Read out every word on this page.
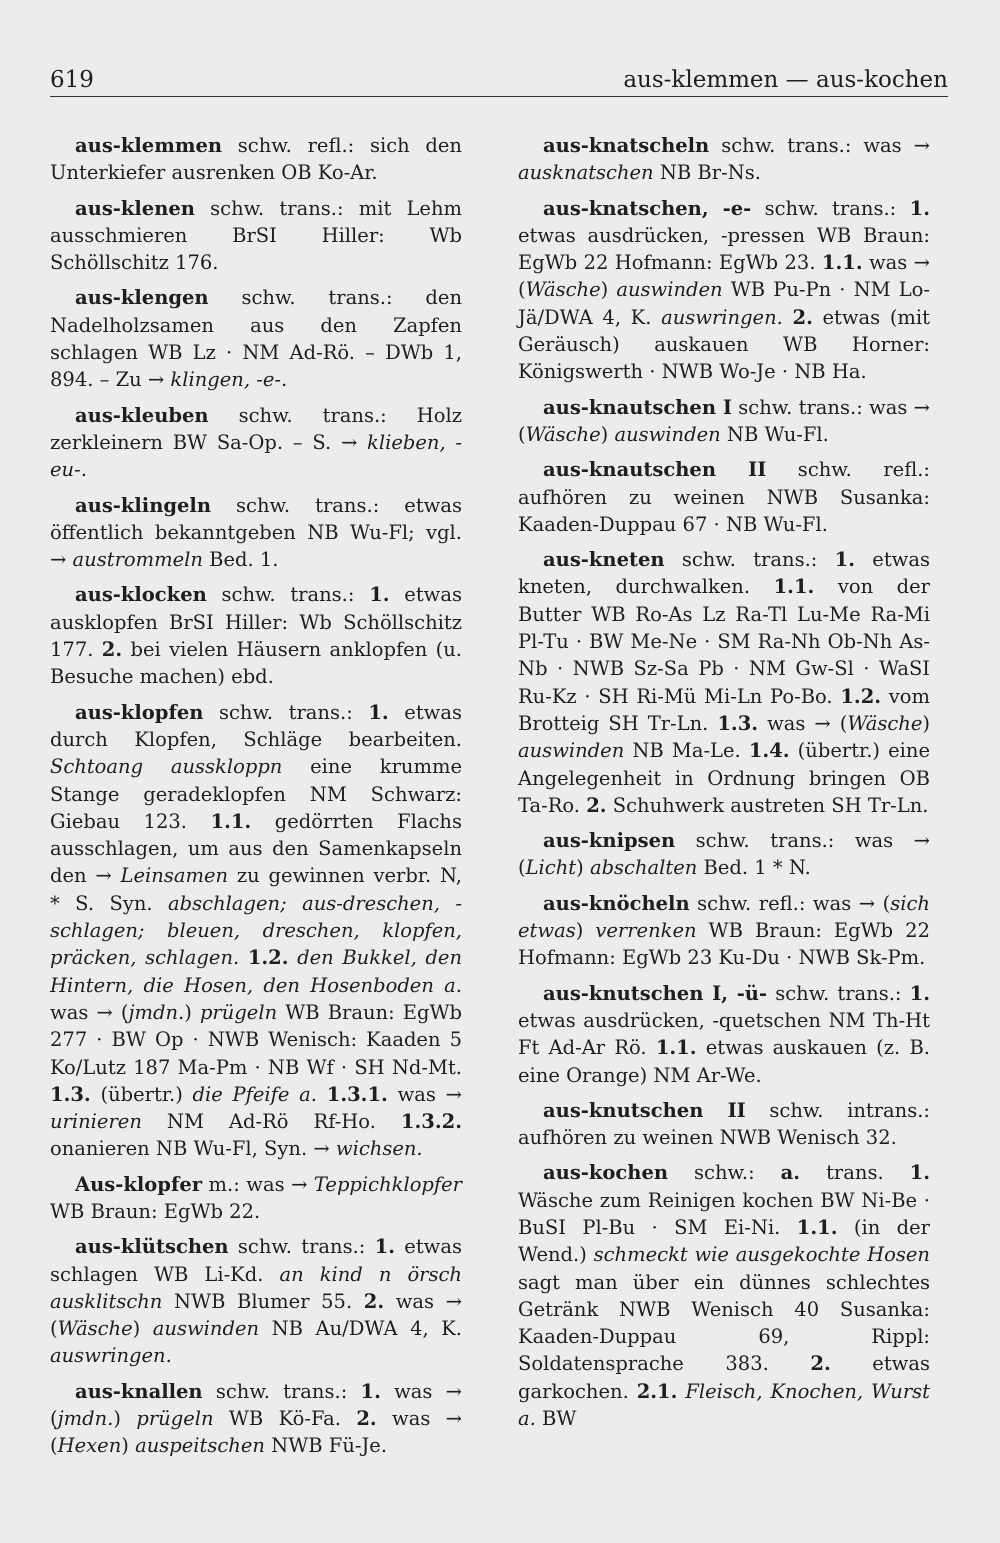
619	aus-klemmen — aus-kochen

aus-klemmen schw. refl.: sich den Unterkiefer ausrenken OB Ko-Ar.

aus-klenen schw. trans.: mit Lehm ausschmieren BrSI Hiller: Wb Schöllschitz 176.

aus-klengen schw. trans.: den Nadelholzsamen aus den Zapfen schlagen WB Lz · NM Ad-Rö. – DWb 1, 894. – Zu → klingen, -e-.

aus-kleuben schw. trans.: Holz zerkleinern BW Sa-Op. – S. → klieben, -eu-.

aus-klingeln schw. trans.: etwas öffentlich bekanntgeben NB Wu-Fl; vgl. → austrommeln Bed. 1.

aus-klocken schw. trans.: 1. etwas ausklopfen BrSI Hiller: Wb Schöllschitz 177. 2. bei vielen Häusern anklopfen (u. Besuche machen) ebd.

aus-klopfen schw. trans.: 1. etwas durch Klopfen, Schläge bearbeiten. Schtoang ausskloppn eine krumme Stange geradeklopfen NM Schwarz: Giebau 123. 1.1. gedörrten Flachs ausschlagen, um aus den Samenkapseln den → Leinsamen zu gewinnen verbr. N, * S. Syn. abschlagen; aus-dreschen, -schlagen; bleuen, dreschen, klopfen, präcken, schlagen. 1.2. den Bukkel, den Hintern, die Hosen, den Hosenboden a. was → (jmdn.) prügeln WB Braun: EgWb 277 · BW Op · NWB Wenisch: Kaaden 5 Ko/Lutz 187 Ma-Pm · NB Wf · SH Nd-Mt. 1.3. (übertr.) die Pfeife a. 1.3.1. was → urinieren NM Ad-Rö Rf-Ho. 1.3.2. onanieren NB Wu-Fl, Syn. → wichsen.

Aus-klopfer m.: was → Teppichklopfer WB Braun: EgWb 22.

aus-klütschen schw. trans.: 1. etwas schlagen WB Li-Kd. an kind n örsch ausklitschn NWB Blumer 55. 2. was → (Wäsche) auswinden NB Au/DWA 4, K. auswringen.

aus-knallen schw. trans.: 1. was → (jmdn.) prügeln WB Kö-Fa. 2. was → (Hexen) auspeitschen NWB Fü-Je.

aus-knatscheln schw. trans.: was → ausknatschen NB Br-Ns.

aus-knatschen, -e- schw. trans.: 1. etwas ausdrücken, -pressen WB Braun: EgWb 22 Hofmann: EgWb 23. 1.1. was → (Wäsche) auswinden WB Pu-Pn · NM Lo-Jä/DWA 4, K. auswringen. 2. etwas (mit Geräusch) auskauen WB Horner: Königswerth · NWB Wo-Je · NB Ha.

aus-knautschen I schw. trans.: was → (Wäsche) auswinden NB Wu-Fl.

aus-knautschen II schw. refl.: aufhören zu weinen NWB Susanka: Kaaden-Duppau 67 · NB Wu-Fl.

aus-kneten schw. trans.: 1. etwas kneten, durchwalken. 1.1. von der Butter WB Ro-As Lz Ra-Tl Lu-Me Ra-Mi Pl-Tu · BW Me-Ne · SM Ra-Nh Ob-Nh As-Nb · NWB Sz-Sa Pb · NM Gw-Sl · WaSI Ru-Kz · SH Ri-Mü Mi-Ln Po-Bo. 1.2. vom Brotteig SH Tr-Ln. 1.3. was → (Wäsche) auswinden NB Ma-Le. 1.4. (übertr.) eine Angelegenheit in Ordnung bringen OB Ta-Ro. 2. Schuhwerk austreten SH Tr-Ln.

aus-knipsen schw. trans.: was → (Licht) abschalten Bed. 1 * N.

aus-knöcheln schw. refl.: was → (sich etwas) verrenken WB Braun: EgWb 22 Hofmann: EgWb 23 Ku-Du · NWB Sk-Pm.

aus-knutschen I, -ü- schw. trans.: 1. etwas ausdrücken, -quetschen NM Th-Ht Ft Ad-Ar Rö. 1.1. etwas auskauen (z. B. eine Orange) NM Ar-We.

aus-knutschen II schw. intrans.: aufhören zu weinen NWB Wenisch 32.

aus-kochen schw.: a. trans. 1. Wäsche zum Reinigen kochen BW Ni-Be · BuSI Pl-Bu · SM Ei-Ni. 1.1. (in der Wend.) schmeckt wie ausgekochte Hosen sagt man über ein dünnes schlechtes Getränk NWB Wenisch 40 Susanka: Kaaden-Duppau 69, Rippl: Soldatensprache 383. 2. etwas garkochen. 2.1. Fleisch, Knochen, Wurst a. BW
